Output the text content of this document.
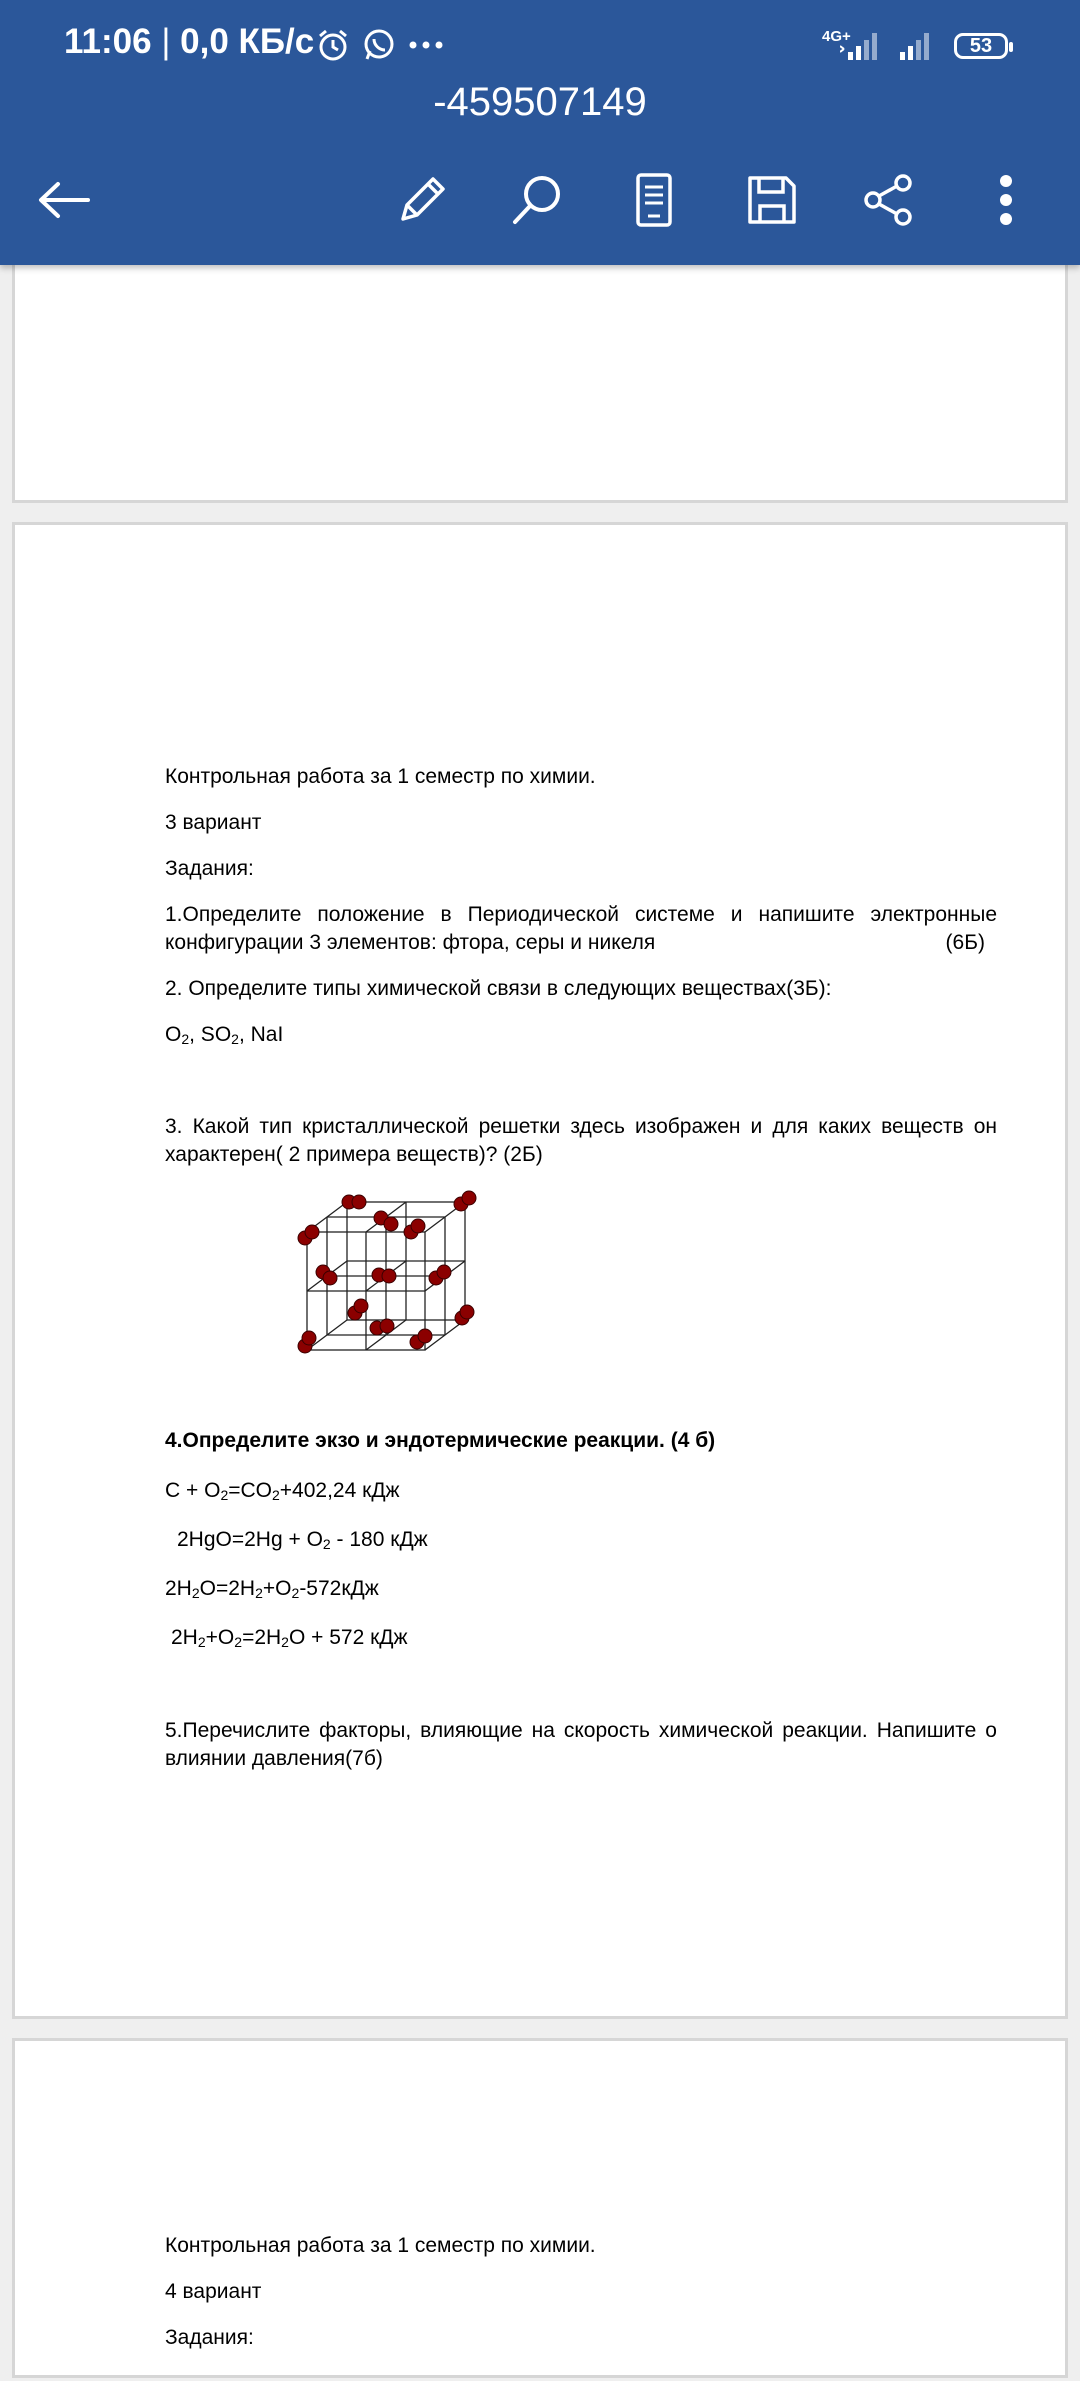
11:06 | 0,0 КБ/с	4G+	53
-459507149

Контрольная работа за 1 семестр по химии.

3 вариант

Задания:

1.Определите положение в Периодической системе и напишите электронные конфигурации 3 элементов: фтора, серы и никеля	(6Б)

2. Определите типы химической связи в следующих веществах(3Б):

$O_2$, $SO_2$, NaI

3. Какой тип кристаллической решетки здесь изображен и для каких веществ он характерен( 2 примера веществ)? (2Б)

4.Определите экзо и эндотермические реакции. (4 б)

$C + O_2=CO_2+402,24$ кДж

$2HgO=2Hg + O_2 - 180$ кДж

$2H_2O=2H_2+O_2-572кДж$

$2H_2+O_2=2H_2O + 572$ кДж

5.Перечислите факторы, влияющие на скорость химической реакции. Напишите о влиянии давления(7б)

Контрольная работа за 1 семестр по химии.

4 вариант

Задания:
